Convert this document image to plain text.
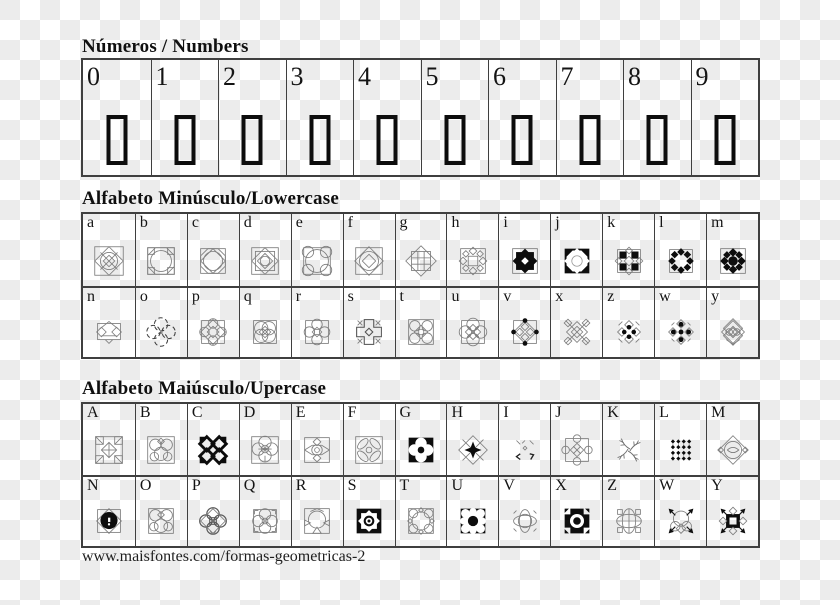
Números / Numbers
0 1 2 3 4 5 6 7 8 9
Alfabeto Minúsculo/Lowercase
a	b	c	d	e	f	g	h	i	j	k	l	m
n	o	p	q	r	s	t	u	v	x	z	w	y
Alfabeto Maiúsculo/Upercase
A	B	C	D	E	F	G	H	I	J	K	L	M
N	O	P	Q	R	S	T	U	V	X	Z	W Y
www.maisfontes.com/formas-geometricas-2
